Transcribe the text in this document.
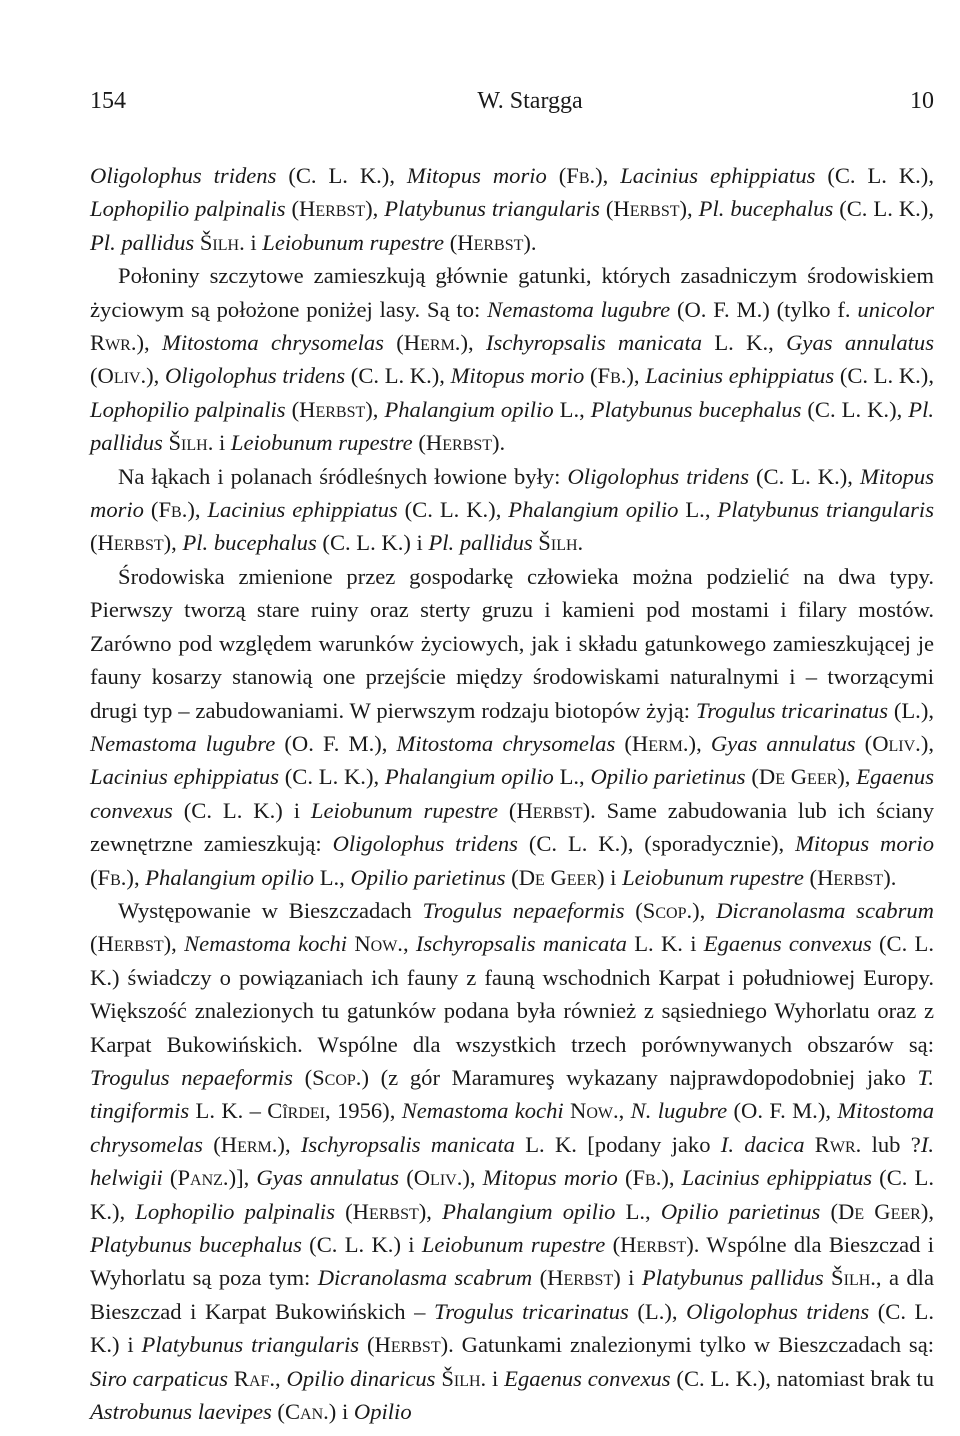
154	W. Stargga	10

Oligolophus tridens (C. L. K.), Mitopus morio (Fb.), Lacinius ephippiatus (C. L. K.), Lophopilio palpinalis (Herbst), Platybunus triangularis (Herbst), Pl. bucephalus (C. L. K.), Pl. pallidus Šilh. i Leiobunum rupestre (Herbst).

Połoniny szczytowe zamieszkują głównie gatunki, których zasadniczym środowiskiem życiowym są położone poniżej lasy. Są to: Nemastoma lugubre (O. F. M.) (tylko f. unicolor Rwr.), Mitostoma chrysomelas (Herm.), Ischyropsalis manicata L. K., Gyas annulatus (Oliv.), Oligolophus tridens (C. L. K.), Mitopus morio (Fb.), Lacinius ephippiatus (C. L. K.), Lophopilio palpinalis (Herbst), Phalangium opilio L., Platybunus bucephalus (C. L. K.), Pl. pallidus Šilh. i Leiobunum rupestre (Herbst).

Na łąkach i polanach śródleśnych łowione były: Oligolophus tridens (C. L. K.), Mitopus morio (Fb.), Lacinius ephippiatus (C. L. K.), Phalangium opilio L., Platybunus triangularis (Herbst), Pl. bucephalus (C. L. K.) i Pl. pallidus Šilh.

Środowiska zmienione przez gospodarkę człowieka można podzielić na dwa typy. Pierwszy tworzą stare ruiny oraz sterty gruzu i kamieni pod mostami i filary mostów. Zarówno pod względem warunków życiowych, jak i składu gatunkowego zamieszkującej je fauny kosarzy stanowią one przejście między środowiskami naturalnymi i – tworzącymi drugi typ – zabudowaniami. W pierwszym rodzaju biotopów żyją: Trogulus tricarinatus (L.), Nemastoma lugubre (O. F. M.), Mitostoma chrysomelas (Herm.), Gyas annulatus (Oliv.), Lacinius ephippiatus (C. L. K.), Phalangium opilio L., Opilio parietinus (De Geer), Egaenus convexus (C. L. K.) i Leiobunum rupestre (Herbst). Same zabudowania lub ich ściany zewnętrzne zamieszkują: Oligolophus tridens (C. L. K.), (sporadycznie), Mitopus morio (Fb.), Phalangium opilio L., Opilio parietinus (De Geer) i Leiobunum rupestre (Herbst).

Występowanie w Bieszczadach Trogulus nepaeformis (Scop.), Dicranolasma scabrum (Herbst), Nemastoma kochi Now., Ischyropsalis manicata L. K. i Egaenus convexus (C. L. K.) świadczy o powiązaniach ich fauny z fauną wschodnich Karpat i południowej Europy. Większość znalezionych tu gatunków podana była również z sąsiedniego Wyhorlatu oraz z Karpat Bukowińskich. Wspólne dla wszystkich trzech porównywanych obszarów są: Trogulus nepaeformis (Scop.) (z gór Maramureş wykazany najprawdopodobniej jako T. tingiformis L. K. – Cîrdei, 1956), Nemastoma kochi Now., N. lugubre (O. F. M.), Mitostoma chrysomelas (Herm.), Ischyropsalis manicata L. K. [podany jako I. dacica Rwr. lub ?I. helwigii (Panz.)], Gyas annulatus (Oliv.), Mitopus morio (Fb.), Lacinius ephippiatus (C. L. K.), Lophopilio palpinalis (Herbst), Phalangium opilio L., Opilio parietinus (De Geer), Platybunus bucephalus (C. L. K.) i Leiobunum rupestre (Herbst). Wspólne dla Bieszczad i Wyhorlatu są poza tym: Dicranolasma scabrum (Herbst) i Platybunus pallidus Šilh., a dla Bieszczad i Karpat Bukowińskich – Trogulus tricarinatus (L.), Oligolophus tridens (C. L. K.) i Platybunus triangularis (Herbst). Gatunkami znalezionymi tylko w Bieszczadach są: Siro carpaticus Raf., Opilio dinaricus Šilh. i Egaenus convexus (C. L. K.), natomiast brak tu Astrobunus laevipes (Can.) i Opilio
